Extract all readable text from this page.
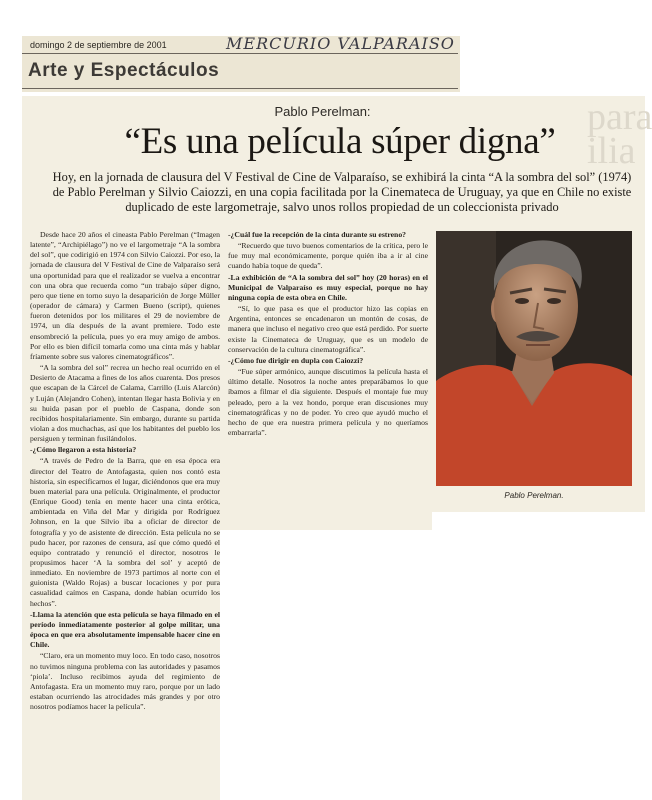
para
ilia
domingo 2 de septiembre de 2001	MERCURIO VALPARAISO
Arte y Espectáculos
Pablo Perelman:
“Es una película súper digna”
Hoy, en la jornada de clausura del V Festival de Cine de Valparaíso, se exhibirá la cinta “A la sombra del sol” (1974) de Pablo Perelman y Silvio Caiozzi, en una copia facilitada por la Cinemateca de Uruguay, ya que en Chile no existe duplicado de este largometraje, salvo unos rollos propiedad de un coleccionista privado

Desde hace 20 años el cineasta Pablo Perelman (“Imagen latente”, “Archipiélago”) no ve el largometraje “A la sombra del sol”, que codirigió en 1974 con Silvio Caiozzi. Por eso, la jornada de clausura del V Festival de Cine de Valparaíso será una oportunidad para que el realizador se vuelva a encontrar con una obra que recuerda como “un trabajo súper digno, pero que tiene en torno suyo la desaparición de Jorge Müller (operador de cámara) y Carmen Bueno (script), quienes fueron detenidos por los militares el 29 de noviembre de 1974, un día después de la avant premiere. Todo este ensombreció la película, pues yo era muy amigo de ambos. Por ello es bien difícil tomarla como una cinta más y hablar fríamente sobre sus valores cinematográficos”.

“A la sombra del sol” recrea un hecho real ocurrido en el Desierto de Atacama a fines de los años cuarenta. Dos presos que escapan de la Cárcel de Calama, Carrillo (Luis Alarcón) y Luján (Alejandro Cohen), intentan llegar hasta Bolivia y en su huida pasan por el pueblo de Caspana, donde son recibidos hospitalariamente. Sin embargo, durante su partida violan a dos muchachas, así que los habitantes del pueblo los persiguen y terminan fusilándolos.

-¿Cómo llegaron a esta historia?

“A través de Pedro de la Barra, que en esa época era director del Teatro de Antofagasta, quien nos contó esta historia, sin especificarnos el lugar, diciéndonos que era muy buen material para una película. Originalmente, el productor (Enrique Good) tenía en mente hacer una cinta erótica, ambientada en Viña del Mar y dirigida por Rodríguez Johnson, en la que Silvio iba a oficiar de director de fotografía y yo de asistente de dirección. Esta película no se pudo hacer, por razones de censura, así que cómo quedó el equipo contratado y renunció el director, nosotros le propusimos hacer ‘A la sombra del sol’ y aceptó de inmediato. En noviembre de 1973 partimos al norte con el guionista (Waldo Rojas) a buscar locaciones y por pura casualidad caímos en Caspana, donde habían ocurrido los hechos”.

-Llama la atención que esta película se haya filmado en el período inmediatamente posterior al golpe militar, una época en que era absolutamente impensable hacer cine en Chile.

“Claro, era un momento muy loco. En todo caso, nosotros no tuvimos ninguna problema con las autoridades y pasamos ‘piola’. Incluso recibimos ayuda del regimiento de Antofagasta. Era un momento muy raro, porque por un lado estaban ocurriendo las atrocidades más grandes y por otro nosotros podíamos hacer la película”.

-¿Cuál fue la recepción de la cinta durante su estreno?

“Recuerdo que tuvo buenos comentarios de la crítica, pero le fue muy mal económicamente, porque quién iba a ir al cine cuando había toque de queda”.

-La exhibición de “A la sombra del sol” hoy (20 horas) en el Municipal de Valparaíso es muy especial, porque no hay ninguna copia de esta obra en Chile.

“Sí, lo que pasa es que el productor hizo las copias en Argentina, entonces se encadenaron un montón de cosas, de manera que incluso el negativo creo que está perdido. Por suerte existe la Cinemateca de Uruguay, que es un modelo de conservación de la cultura cinematográfica”.

-¿Cómo fue dirigir en dupla con Caiozzi?

“Fue súper armónico, aunque discutimos la película hasta el último detalle. Nosotros la noche antes preparábamos lo que íbamos a filmar el día siguiente. Después el montaje fue muy peleado, pero a la vez hondo, porque eran discusiones muy cinematográficas y no de poder. Yo creo que ayudó mucho el hecho de que era nuestra primera película y no queríamos embarrarla”.

Pablo Perelman.
